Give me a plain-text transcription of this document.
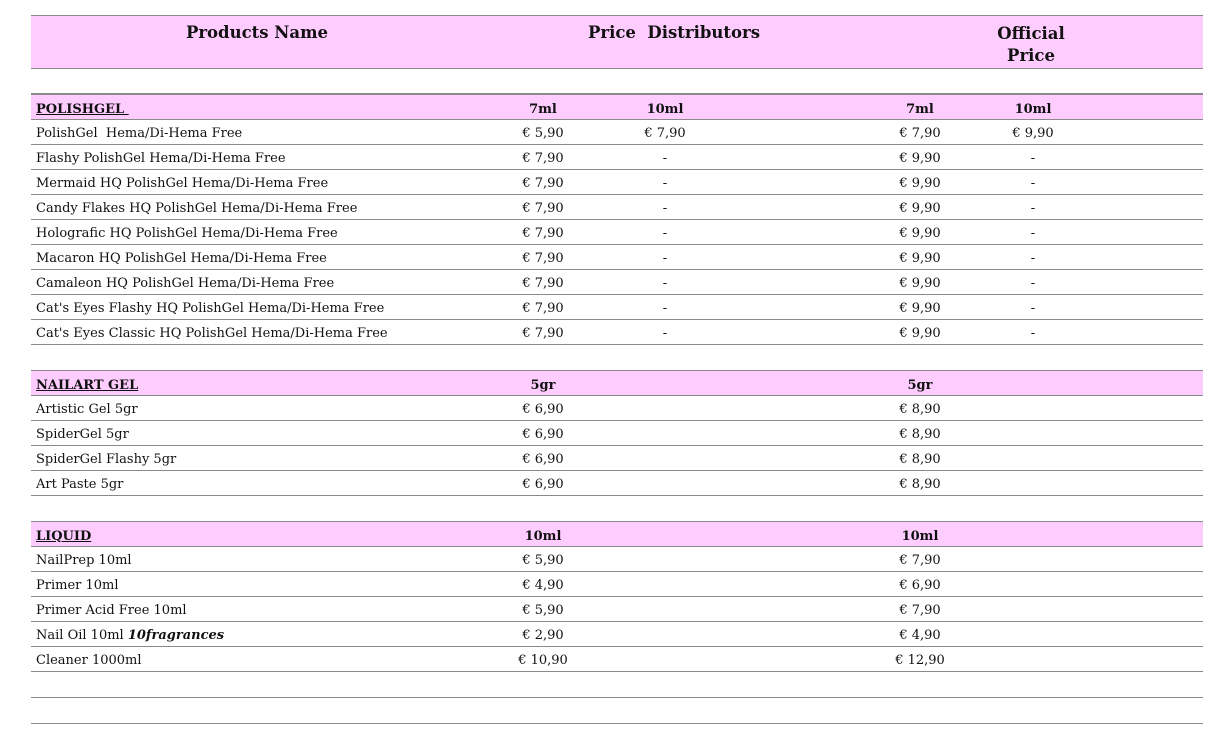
Products Name	Price  Distributors	Official
Price
POLISHGEL	7ml	10ml	7ml	10ml
PolishGel  Hema/Di-Hema Free	€ 5,90	€ 7,90	€ 7,90	€ 9,90
Flashy PolishGel Hema/Di-Hema Free	€ 7,90	-	€ 9,90	-
Mermaid HQ PolishGel Hema/Di-Hema Free	€ 7,90	-	€ 9,90	-
Candy Flakes HQ PolishGel Hema/Di-Hema Free	€ 7,90	-	€ 9,90	-
Holografic HQ PolishGel Hema/Di-Hema Free	€ 7,90	-	€ 9,90	-
Macaron HQ PolishGel Hema/Di-Hema Free	€ 7,90	-	€ 9,90	-
Camaleon HQ PolishGel Hema/Di-Hema Free	€ 7,90	-	€ 9,90	-
Cat's Eyes Flashy HQ PolishGel Hema/Di-Hema Free	€ 7,90	-	€ 9,90	-
Cat's Eyes Classic HQ PolishGel Hema/Di-Hema Free	€ 7,90	-	€ 9,90	-
NAILART GEL	5gr	5gr
Artistic Gel 5gr	€ 6,90	€ 8,90
SpiderGel 5gr	€ 6,90	€ 8,90
SpiderGel Flashy 5gr	€ 6,90	€ 8,90
Art Paste 5gr	€ 6,90	€ 8,90
LIQUID	10ml	10ml
NailPrep 10ml	€ 5,90	€ 7,90
Primer 10ml	€ 4,90	€ 6,90
Primer Acid Free 10ml	€ 5,90	€ 7,90
Nail Oil 10ml 10fragrances	€ 2,90	€ 4,90
Cleaner 1000ml	€ 10,90	€ 12,90
